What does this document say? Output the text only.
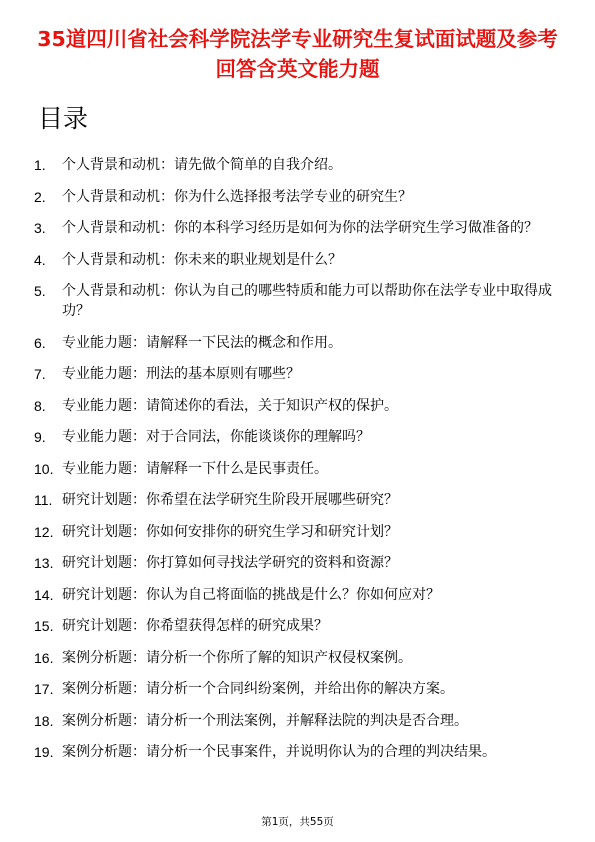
35道四川省社会科学院法学专业研究生复试面试题及参考回答含英文能力题
目录
1. 个人背景和动机：请先做个简单的自我介绍。
2. 个人背景和动机：你为什么选择报考法学专业的研究生？
3. 个人背景和动机：你的本科学习经历是如何为你的法学研究生学习做准备的？
4. 个人背景和动机：你未来的职业规划是什么？
5. 个人背景和动机：你认为自己的哪些特质和能力可以帮助你在法学专业中取得成功？
6. 专业能力题：请解释一下民法的概念和作用。
7. 专业能力题：刑法的基本原则有哪些？
8. 专业能力题：请简述你的看法，关于知识产权的保护。
9. 专业能力题：对于合同法，你能谈谈你的理解吗？
10. 专业能力题：请解释一下什么是民事责任。
11. 研究计划题：你希望在法学研究生阶段开展哪些研究？
12. 研究计划题：你如何安排你的研究生学习和研究计划？
13. 研究计划题：你打算如何寻找法学研究的资料和资源？
14. 研究计划题：你认为自己将面临的挑战是什么？你如何应对？
15. 研究计划题：你希望获得怎样的研究成果？
16. 案例分析题：请分析一个你所了解的知识产权侵权案例。
17. 案例分析题：请分析一个合同纠纷案例，并给出你的解决方案。
18. 案例分析题：请分析一个刑法案例，并解释法院的判决是否合理。
19. 案例分析题：请分析一个民事案件，并说明你认为的合理的判决结果。
第1页，共55页
